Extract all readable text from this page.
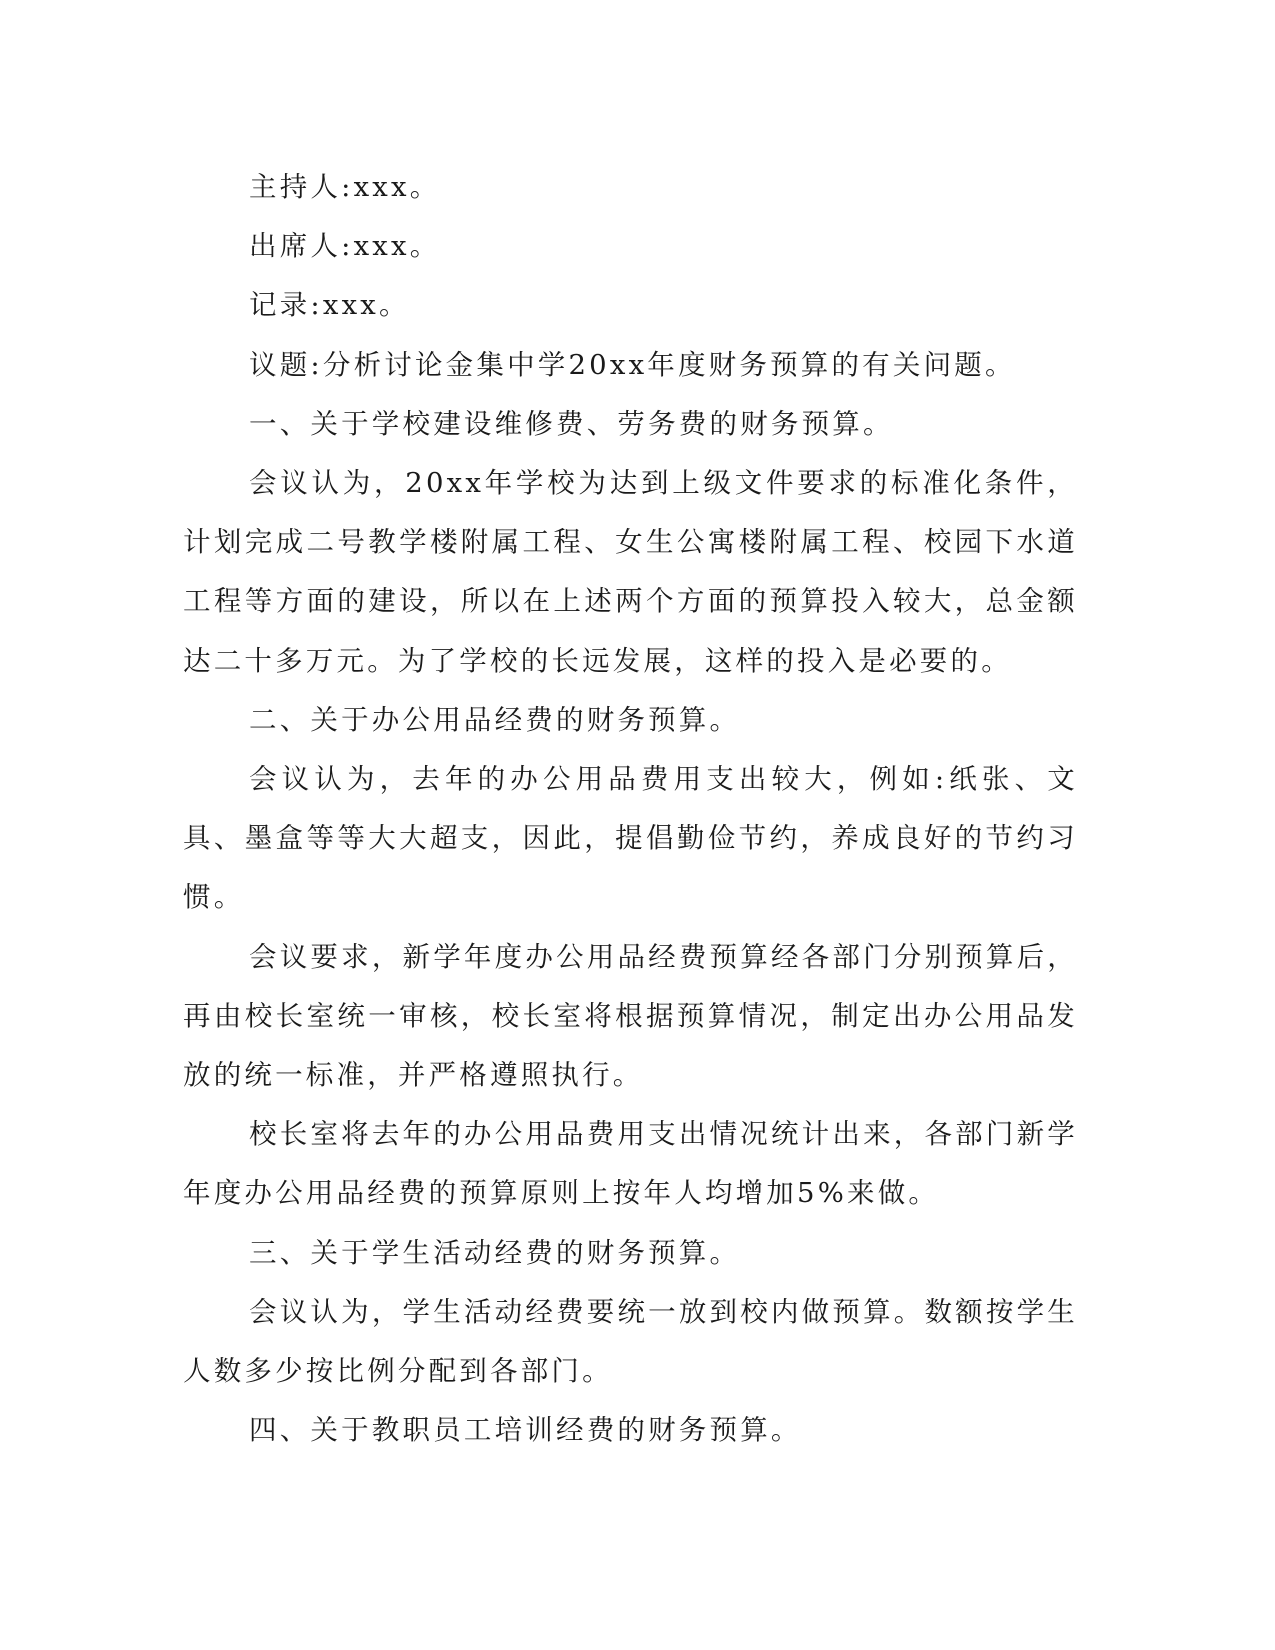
主持人:xxx。

出席人:xxx。

记录:xxx。

议题:分析讨论金集中学20xx年度财务预算的有关问题。

一、关于学校建设维修费、劳务费的财务预算。

会议认为，20xx年学校为达到上级文件要求的标准化条件，计划完成二号教学楼附属工程、女生公寓楼附属工程、校园下水道工程等方面的建设，所以在上述两个方面的预算投入较大，总金额达二十多万元。为了学校的长远发展，这样的投入是必要的。

二、关于办公用品经费的财务预算。

会议认为，去年的办公用品费用支出较大，例如:纸张、文具、墨盒等等大大超支，因此，提倡勤俭节约，养成良好的节约习惯。

会议要求，新学年度办公用品经费预算经各部门分别预算后，再由校长室统一审核，校长室将根据预算情况，制定出办公用品发放的统一标准，并严格遵照执行。

校长室将去年的办公用品费用支出情况统计出来，各部门新学年度办公用品经费的预算原则上按年人均增加5%来做。

三、关于学生活动经费的财务预算。

会议认为，学生活动经费要统一放到校内做预算。数额按学生人数多少按比例分配到各部门。

四、关于教职员工培训经费的财务预算。
